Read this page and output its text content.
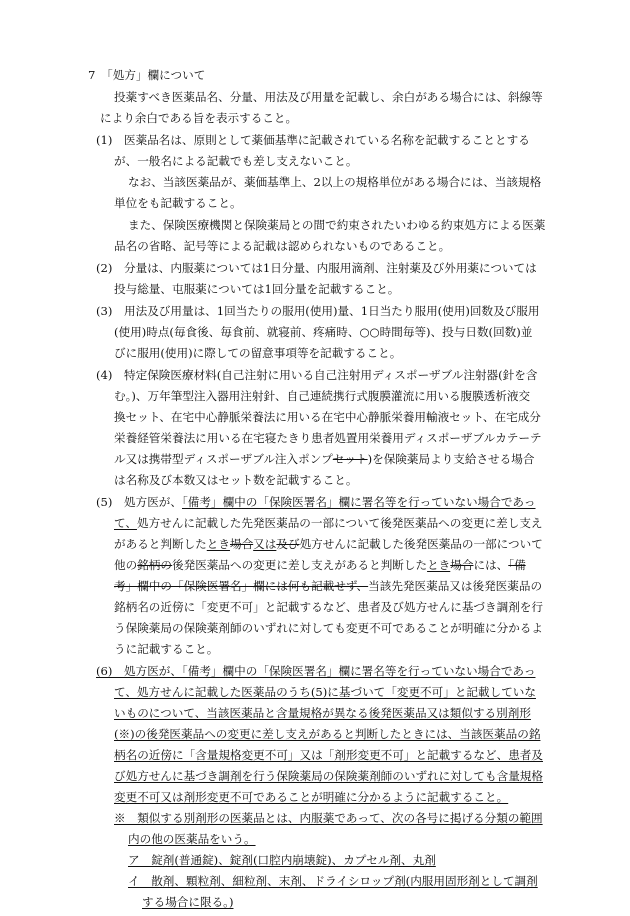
7　「処方」欄について
投薬すべき医薬品名、分量、用法及び用量を記載し、余白がある場合には、斜線等
により余白である旨を表示すること。
(1)　医薬品名は、原則として薬価基準に記載されている名称を記載することとする
が、一般名による記載でも差し支えないこと。
なお、当該医薬品が、薬価基準上、2以上の規格単位がある場合には、当該規格
単位をも記載すること。
また、保険医療機関と保険薬局との間で約束されたいわゆる約束処方による医薬
品名の省略、記号等による記載は認められないものであること。
(2)　分量は、内服薬については1日分量、内服用滴剤、注射薬及び外用薬については
投与総量、屯服薬については1回分量を記載すること。
(3)　用法及び用量は、1回当たりの服用(使用)量、1日当たり服用(使用)回数及び服用
(使用)時点(毎食後、毎食前、就寝前、疼痛時、○○時間毎等)、投与日数(回数)並
びに服用(使用)に際しての留意事項等を記載すること。
(4)　特定保険医療材料(自己注射に用いる自己注射用ディスポーザブル注射器(針を含
む。)、万年筆型注入器用注射針、自己連続携行式腹膜灌流に用いる腹膜透析液交
換セット、在宅中心静脈栄養法に用いる在宅中心静脈栄養用輸液セット、在宅成分
栄養経管栄養法に用いる在宅寝たきり患者処置用栄養用ディスポーザブルカテーテ
ル又は携帯型ディスポーザブル注入ポンプセット)を保険薬局より支給させる場合
は名称及び本数又はセット数を記載すること。
(5)　処方医が、「備考」欄中の「保険医署名」欄に署名等を行っていない場合であっ
て、処方せんに記載した先発医薬品の一部について後発医薬品への変更に差し支え
があると判断したとき場合又は及び処方せんに記載した後発医薬品の一部について
他の銘柄の後発医薬品への変更に差し支えがあると判断したとき場合には、「備
考」欄中の「保険医署名」欄には何も記載せず、当該先発医薬品又は後発医薬品の
銘柄名の近傍に「変更不可」と記載するなど、患者及び処方せんに基づき調剤を行
う保険薬局の保険薬剤師のいずれに対しても変更不可であることが明確に分かるよ
うに記載すること。
(6)　処方医が、「備考」欄中の「保険医署名」欄に署名等を行っていない場合であっ
て、処方せんに記載した医薬品のうち(5)に基づいて「変更不可」と記載していな
いものについて、当該医薬品と含量規格が異なる後発医薬品又は類似する別剤形
(※)の後発医薬品への変更に差し支えがあると判断したときには、当該医薬品の銘
柄名の近傍に「含量規格変更不可」又は「剤形変更不可」と記載するなど、患者及
び処方せんに基づき調剤を行う保険薬局の保険薬剤師のいずれに対しても含量規格
変更不可又は剤形変更不可であることが明確に分かるように記載すること。
※　類似する別剤形の医薬品とは、内服薬であって、次の各号に掲げる分類の範囲
内の他の医薬品をいう。
ア　錠剤(普通錠)、錠剤(口腔内崩壊錠)、カプセル剤、丸剤
イ　散剤、顆粒剤、細粒剤、末剤、ドライシロップ剤(内服用固形剤として調剤
する場合に限る。)
